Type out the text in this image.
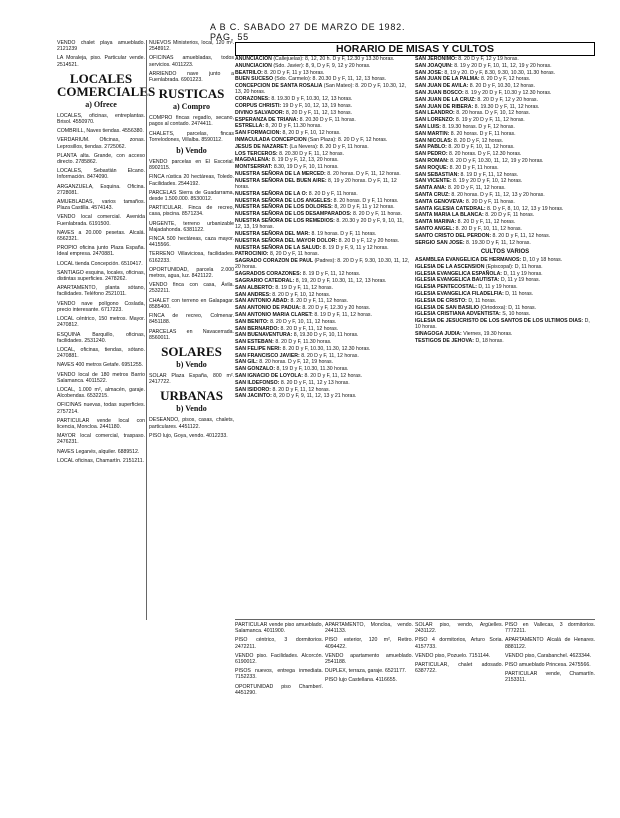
A B C. SABADO 27 DE MARZO DE 1982. PAG. 55
VENDO chalet playa amueblado. 2121239
LA Moraleja, piso. Particular vende. 2514521.
LOCALES COMERCIALES
a) Ofrece
LOCALES, oficinas, entreplantas. Brisol. 4550970.
COMBRILL, Naves tiendas. 4556380.
VERDARIUM. Oficinas, zonas. Leprosillos, tiendas. 2725062.
PLANTA alta. Grande, con acceso directo. 2785862.
LOCALES, Sebastián Elcano. Información. 8474090.
ARGANZUELA, Esquina. Oficina. 2728081.
AMUEBLADAS, varios tamaños. Plaza Castilla. 4574143.
VENDO local comercial. Avenida Fuenlabrada. 6191500.
NAVES a 20.000 pesetas. Alcalá. 6562321.
PROPIO oficina junto Plaza España. Ideal empresa. 2470881.
LOCAL tienda Concepción. 6510417.
SANTIAGO esquina, locales, oficinas, distintas superficies. 2478262.
APARTAMENTO, planta sótano, facilidades. Teléfono 2521011.
VENDO nave polígono Coslada, precio interesante. 6717223.
LOCAL céntrico, 150 metros. Mayor. 2470812.
ESQUINA Barquillo, oficinas, facilidades. 2531240.
LOCAL, oficinas, tiendas, sótano. 2470881.
NAVES 400 metros Getafe. 6951255.
VENDO local de 180 metros Barrio Salamanca. 4011522.
LOCAL, 1.000 m², almacén, garaje. Alcobendas. 6532215.
OFICINAS nuevas, todas superficies. 2757214.
PARTICULAR vende local con licencia, Moncloa. 2441180.
MAYOR local comercial, traspaso. 2476231.
NAVES Leganés, alquiler. 6889512.
LOCAL oficinas, Chamartín. 2151211.
NUEVOS Ministerios, local, 120 m². 2548912.
OFICINAS amuebladas, todos servicios. 4011223.
ARRIENDO nave junto a Fuenlabrada. 6901223.
RUSTICAS
a) Compro
COMPRO fincas regadío, secano, pagos al contado. 2474411.
CHALETS, parcelas, fincas Torrelodones, Villalba. 8590112.
b) Vendo
VENDO parcelas en El Escorial. 8902115.
FINCA rústica 20 hectáreas, Toledo. Facilidades. 2544192.
PARCELAS Sierra de Guadarrama, desde 1.500.000. 8530012.
PARTICULAR. Finca de recreo, casa, piscina. 8571234.
URGENTE, terreno urbanizable Majadahonda. 6381122.
FINCA 500 hectáreas, caza mayor. 4415566.
TERRENO Villaviciosa, facilidades. 6162233.
OPORTUNIDAD, parcela 2.000 metros, agua, luz. 8421122.
VENDO finca con casa, Ávila. 2532211.
CHALET con terreno en Galapagar. 8585400.
FINCA de recreo, Colmenar. 8451188.
PARCELAS en Navacerrada. 8560011.
SOLARES
b) Vendo
SOLAR Plaza España, 800 m². 2417722.
URBANAS
b) Vendo
DESEANDO, pisos, casas, chalets, particulares. 4451122.
PISO lujo, Goya, vendo. 4012233.
HORARIO DE MISAS Y CULTOS
ANUNCIACION (Callejuelas): 8, 12, 20 h. D y F, 12.30 y 13.30 horas.
ANUNCIACION (Sdo. Javier): 8, 9, D y F, 9, 12 y 20 horas.
BEATRILO: 8. 20 D y F, 11 y 13 horas.
BUEN SUCESO (Sdo. Carmelo): 8. 20.30 D y F, 11, 12, 13 horas.
CONCEPCION DE SANTA ROSALIA (San Mateo): 8. 20 D y F, 10.30, 12, 13, 20 horas.
CORAZONES: 8. 19.30 D y F, 10.30, 12, 13 horas.
CORPUS CHRISTI: 19 D y F, 10, 12, 13, 19 horas.
DIVINO SALVADOR: 8, 20 D y F, 11, 12, 13 horas.
ESPERANZA DE TRIANA: 8. 20.30 D y F, 11 horas.
ESTRELLA: 8, 20 D y F, 11.30 horas.
SAN FORMACION: 8, 20 D y F, 10, 12 horas.
INMACULADA CONCEPCION (San Plaza): 8. 20 D y F, 12 horas.
JESUS DE NAZARET: (La Nevera): 8. 20 D y F, 11 horas.
LOS TERCEROS: 8. 20.30 D y F, 11, 12 horas.
MAGDALENA: 8. 19 D y F, 12, 13, 20 horas.
MONTSERRAT: 8.30, 19 D y F, 10, 11 horas.
NUESTRA SEÑORA DE LA MERCED: 8. 20 horas. D y F, 11, 12 horas.
NUESTRA SEÑORA DEL BUEN AIRE: 8, 19 y 20 horas. D y F, 11, 12 horas.
NUESTRA SEÑORA DE LA O: 8. 20 D y F, 11 horas.
NUESTRA SEÑORA DE LOS ANGELES: 8. 20 horas. D y F, 11 horas.
NUESTRA SEÑORA DE LOS DOLORES: 8, 20 D y F, 11 y 12 horas.
NUESTRA SEÑORA DE LOS DESAMPARADOS: 8. 20 D y F, 11 horas.
NUESTRA SEÑORA DE LOS REMEDIOS: 8. 20.30 y 20 D y F, 9, 10, 11, 12, 13, 19 horas.
NUESTRA SEÑORA DEL MAR: 8. 19 horas. D y F, 11 horas.
NUESTRA SEÑORA DEL MAYOR DOLOR: 8. 20 D y F, 12 y 20 horas.
NUESTRA SEÑORA DE LA SALUD: 8. 19 D y F, 9, 11 y 12 horas.
PATROCINIO: 8, 20 D y F, 11 horas.
SAGRADO CORAZON DE PAUL (Padres): 8. 20 D y F, 9.30, 10.30, 11, 12, 20 horas.
SAGRADOS CORAZONES: 8. 19 D y F, 11, 12 horas.
SAGRARIO CATEDRAL: 8, 19, 20 D y F, 10.30, 11, 12, 13 horas.
SAN ALBERTO: 8. 19 D y F, 11, 12 horas.
SAN ANDRES: 8. 20 D y F, 10, 12 horas.
SAN ANTONIO ABAD: 8. 20 D y F, 11, 12 horas.
SAN ANTONIO DE PADUA: 8. 20 D y F, 12.30 y 20 horas.
SAN ANTONIO MARIA CLARET: 8. 19 D y F, 11, 12 horas.
SAN BENITO: 8. 20 D y F, 10, 11, 12 horas.
SAN BERNARDO: 8. 20 D y F, 11, 12 horas.
SAN BUENAVENTURA: 8, 19.30 D y F, 10, 11 horas.
SAN ESTEBAN: 8. 20 D y F, 11.30 horas.
SAN FELIPE NERI: 8. 20 D y F, 10.30, 11.30, 12.30 horas.
SAN FRANCISCO JAVIER: 8. 20 D y F, 11, 12 horas.
SAN GIL: 8. 20 horas. D y F, 12, 19 horas.
SAN GONZALO: 8, 19 D y F, 10.30, 11.30 horas.
SAN IGNACIO DE LOYOLA: 8. 20 D y F, 11, 12 horas.
SAN ILDEFONSO: 8. 20 D y F, 11, 12 y 13 horas.
SAN ISIDORO: 8. 20 D y F, 11, 12 horas.
SAN JACINTO: 8, 20 D y F, 9, 11, 12, 13 y 21 horas.
SAN JERONIMO: 8. 20 D y F, 12 y 19 horas.
SAN JOAQUIN: 8. 19 y 20 D y F, 10, 11, 12, 19 y 20 horas.
SAN JOSE: 8, 19 y 20. D y F, 8.30, 9.30, 10.30, 11.30 horas.
SAN JUAN DE LA PALMA: 8. 20 D y F, 12 horas.
SAN JUAN DE AVILA: 8. 20 D y F, 10.30, 12 horas.
SAN JUAN BOSCO: 8. 19 y 20 D y F, 10.30 y 12.30 horas.
SAN JUAN DE LA CRUZ: 8. 20 D y F, 12 y 20 horas.
SAN JUAN DE RIBERA: 8. 19.30 D y F, 11, 12 horas.
SAN LEANDRO: 8. 20 horas. D y F, 10, 12 horas.
SAN LORENZO: 8. 19 y 20 D y F, 11, 12 horas.
SAN LUIS: 8. 19.30 horas. D y F, 12 horas.
SAN MARTIN: 8. 20 horas. D y F, 11 horas.
SAN NICOLAS: 8. 20 D y F, 12 horas.
SAN PABLO: 8. 20 D y F, 10, 11, 12 horas.
SAN PEDRO: 8. 20 horas. D y F, 12.30 horas.
SAN ROMAN: 8. 20 D y F, 10.30, 11, 12, 19 y 20 horas.
SAN ROQUE: 8. 20 D y F, 11 horas.
SAN SEBASTIAN: 8. 19 D y F, 11, 12 horas.
SAN VICENTE: 8. 19 y 20 D y F, 10, 12 horas.
SANTA ANA: 8. 20 D y F, 11, 12 horas.
SANTA CRUZ: 8. 20 horas. D y F, 11, 12, 13 y 20 horas.
SANTA GENOVEVA: 8. 20 D y F, 11 horas.
SANTA IGLESIA CATEDRAL: 8. D y F, 8, 10, 12, 13 y 19 horas.
SANTA MARIA LA BLANCA: 8. 20 D y F, 11 horas.
SANTA MARINA: 8. 20 D y F, 11, 12 horas.
SANTO ANGEL: 8. 20 D y F, 10, 11, 12 horas.
SANTO CRISTO DEL PERDON: 8. 20 D y F, 11, 12 horas.
SERGIO SAN JOSE: 8. 19.30 D y F, 11, 12 horas.
CULTOS VARIOS
ASAMBLEA EVANGELICA DE HERMANOS: D, 10 y 18 horas.
IGLESIA DE LA ASCENSION (Episcopal): D, 11 horas.
IGLESIA EVANGELICA ESPAÑOLA: D, 11 y 19 horas.
IGLESIA EVANGELICA BAUTISTA: D, 11 y 19 horas.
IGLESIA PENTECOSTAL: D, 11 y 19 horas.
IGLESIA EVANGELICA FILADELFIA: D, 11 horas.
IGLESIA DE CRISTO: D, 11 horas.
IGLESIA DE SAN BASILIO (Ortodoxa): D, 11 horas.
IGLESIA CRISTIANA ADVENTISTA: S, 10 horas.
IGLESIA DE JESUCRISTO DE LOS SANTOS DE LOS ULTIMOS DIAS: D, 10 horas.
SINAGOGA JUDIA: Viernes, 19.30 horas.
TESTIGOS DE JEHOVA: D, 18 horas.
PARTICULAR vende piso amueblado, Salamanca. 4011900.
PISO céntrico, 3 dormitorios. 2472211.
VENDO piso. Facilidades. Alcorcón. 6190012.
PISOS nuevos, entrega inmediata. 7152233.
OPORTUNIDAD piso Chamberí. 4451290.
APARTAMENTO, Moncloa, vendo. 2441133.
PISO exterior, 120 m², Retiro. 4094422.
VENDO apartamento amueblado. 2541188.
DUPLEX, terraza, garaje. 6521177.
PISO lujo Castellana. 4116655.
SOLAR piso, vendo, Argüelles. 2431122.
PISO 4 dormitorios, Arturo Soria. 4157733.
VENDO piso, Pozuelo. 7151144.
PARTICULAR, chalet adosado. 6387722.
PISO en Vallecas, 3 dormitorios. 7772211.
APARTAMENTO Alcalá de Henares. 8881122.
VENDO piso, Carabanchel. 4623344.
PISO amueblado Princesa. 2475566.
PARTICULAR vende, Chamartín. 2153311.
